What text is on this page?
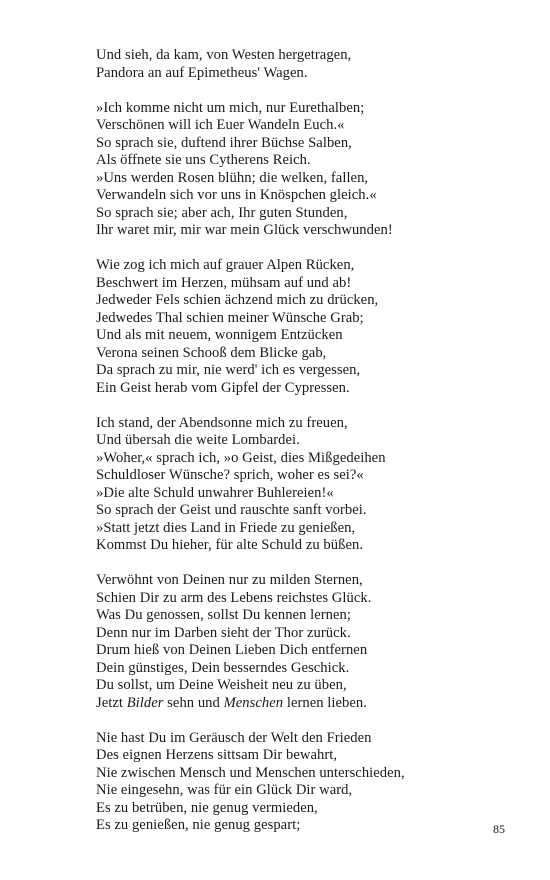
Und sieh, da kam, von Westen hergetragen,
Pandora an auf Epimetheus' Wagen.
»Ich komme nicht um mich, nur Eurethalben;
Verschönen will ich Euer Wandeln Euch.«
So sprach sie, duftend ihrer Büchse Salben,
Als öffnete sie uns Cytherens Reich.
»Uns werden Rosen blühn; die welken, fallen,
Verwandeln sich vor uns in Knöspchen gleich.«
So sprach sie; aber ach, Ihr guten Stunden,
Ihr waret mir, mir war mein Glück verschwunden!
Wie zog ich mich auf grauer Alpen Rücken,
Beschwert im Herzen, mühsam auf und ab!
Jedweder Fels schien ächzend mich zu drücken,
Jedwedes Thal schien meiner Wünsche Grab;
Und als mit neuem, wonnigem Entzücken
Verona seinen Schooß dem Blicke gab,
Da sprach zu mir, nie werd' ich es vergessen,
Ein Geist herab vom Gipfel der Cypressen.
Ich stand, der Abendsonne mich zu freuen,
Und übersah die weite Lombardei.
»Woher,« sprach ich, »o Geist, dies Mißgedeihen
Schuldloser Wünsche? sprich, woher es sei?«
»Die alte Schuld unwahrer Buhlereien!«
So sprach der Geist und rauschte sanft vorbei.
»Statt jetzt dies Land in Friede zu genießen,
Kommst Du hieher, für alte Schuld zu büßen.
Verwöhnt von Deinen nur zu milden Sternen,
Schien Dir zu arm des Lebens reichstes Glück.
Was Du genossen, sollst Du kennen lernen;
Denn nur im Darben sieht der Thor zurück.
Drum hieß von Deinen Lieben Dich entfernen
Dein günstiges, Dein besserndes Geschick.
Du sollst, um Deine Weisheit neu zu üben,
Jetzt Bilder sehn und Menschen lernen lieben.
Nie hast Du im Geräusch der Welt den Frieden
Des eignen Herzens sittsam Dir bewahrt,
Nie zwischen Mensch und Menschen unterschieden,
Nie eingesehn, was für ein Glück Dir ward,
Es zu betrüben, nie genug vermieden,
Es zu genießen, nie genug gespart;	85
